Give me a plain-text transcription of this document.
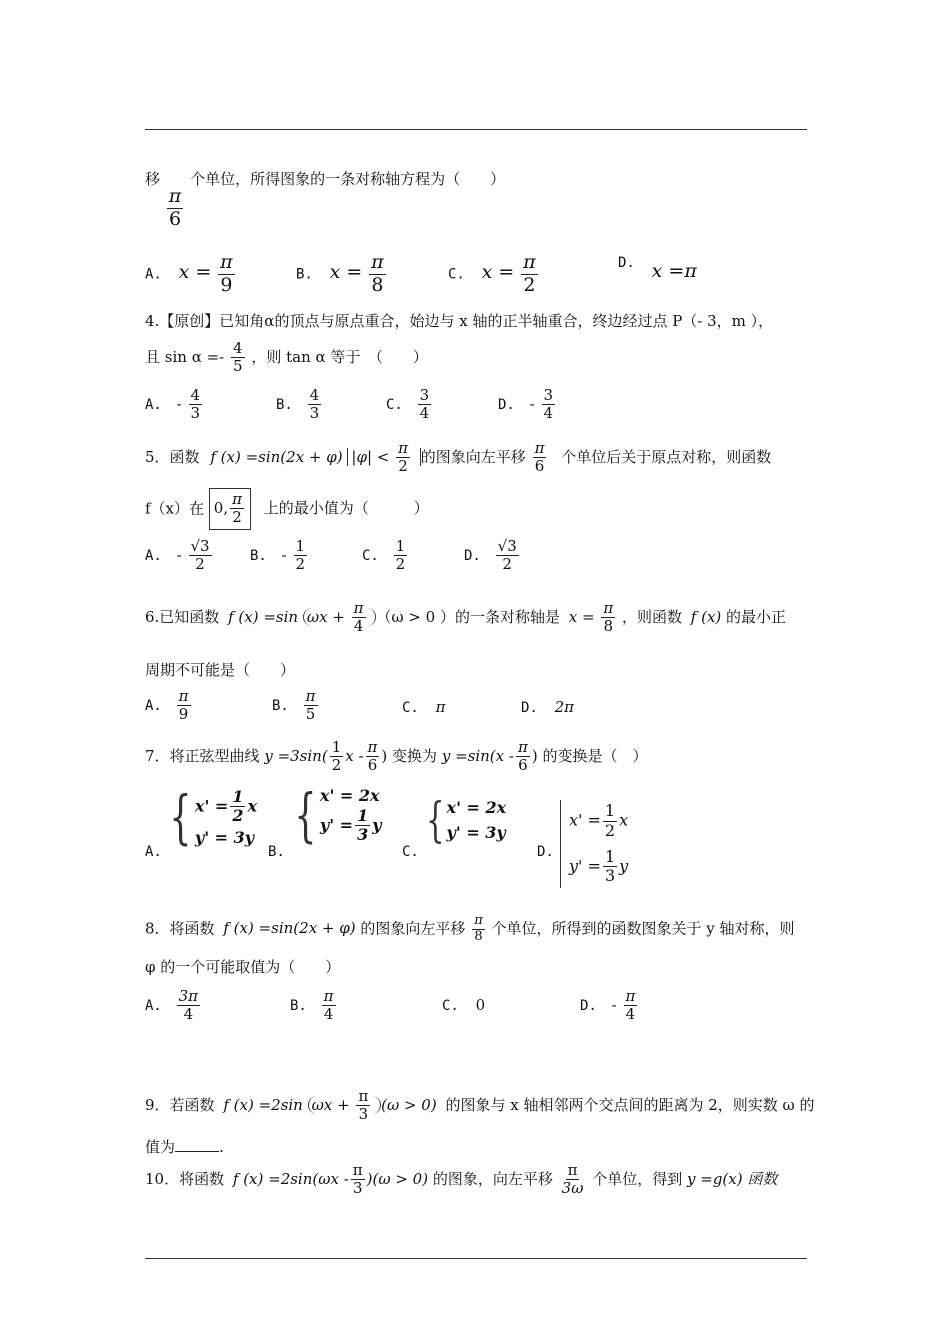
移
$\frac{\pi}{6}$
个单位，所得图象的一条对称轴方程为（　　）
A. $x = \frac{\pi}{9}$	B. $x = \frac{\pi}{8}$	C. $x = \frac{\pi}{2}$	D. x =π
4.【原创】已知角α的顶点与原点重合，始边与 x 轴的正半轴重合，终边经过点 P（- 3，m ），
且 $\sin \alpha =- \frac{4}{5}$ ，则 tan α 等于　（　　）
A. - $\frac{4}{3}$	B. $\frac{4}{3}$	C. $\frac{3}{4}$	D. - $\frac{3}{4}$
5．函数 f (x) =sin(2x + φ) $|\varphi| < \frac{\pi}{2}$ 的图象向左平移 $\frac{\pi}{6}$ 个单位后关于原点对称，则函数
f（x）在 0, $\frac{\pi}{2}$ 上的最小值为（　　　）
A. - $\frac{√3}{2}$	B. - $\frac{1}{2}$	C. $\frac{1}{2}$	D. $\frac{√3}{2}$
6.已知函数 f (x) =sin $\omega x + \frac{\pi}{4} (\omega > 0$ ）的一条对称轴是 $x = \frac{\pi}{8}$ ，则函数 f (x) 的最小正
周期不可能是（　　）
A. $\frac{\pi}{9}$	B. $\frac{\pi}{5}$	C. π	D. 2π
7．将正弦型曲线 $y =3\sin( \frac{1}{2}$ x - $\frac{\pi}{6}$ ) 变换为 $y =\sin(x - \frac{\pi}{6}$ ) 的变换是（　）
A.
{ $x' = \frac{1}{2}$ x
y' = 3y
B.
{ x' = 2x
$y' = \frac{1}{3}$ y
C.
{ x' = 2x
y' = 3y
D.
$x' = \frac{1}{2}$ x
$y' = \frac{1}{3}$ y
8．将函数 f (x) =sin(2x + φ) 的图象向左平移 $\frac{\pi}{8}$ 个单位，所得到的函数图象关于 y 轴对称，则
φ 的一个可能取值为（　　）
A. $\frac{3\pi}{4}$	B. $\frac{\pi}{4}$	C. 0	D. - $\frac{\pi}{4}$
9．若函数 f (x) =2sin $\omega x + \frac{\pi}{3} (\omega > 0)$ 的图象与 x 轴相邻两个交点间的距离为 2，则实数 ω 的
值为	.
10．将函数 f $(x) =2\sin(\omega x - \frac{\pi}{3} )(\omega > 0)$ 的图象，向左平移 $\frac{\pi}{3\omega}$ 个单位，得到 y =g(x) 函数
